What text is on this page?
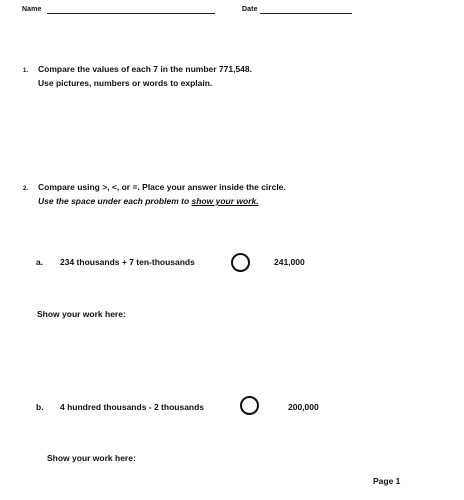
Name	Date
1. Compare the values of each 7 in the number 771,548.
Use pictures, numbers or words to explain.
2. Compare using >, <, or =. Place your answer inside the circle.
Use the space under each problem to show your work.
a. 234 thousands + 7 ten-thousands	241,000
Show your work here:
b. 4 hundred thousands - 2 thousands	200,000
Show your work here:
Page 1
